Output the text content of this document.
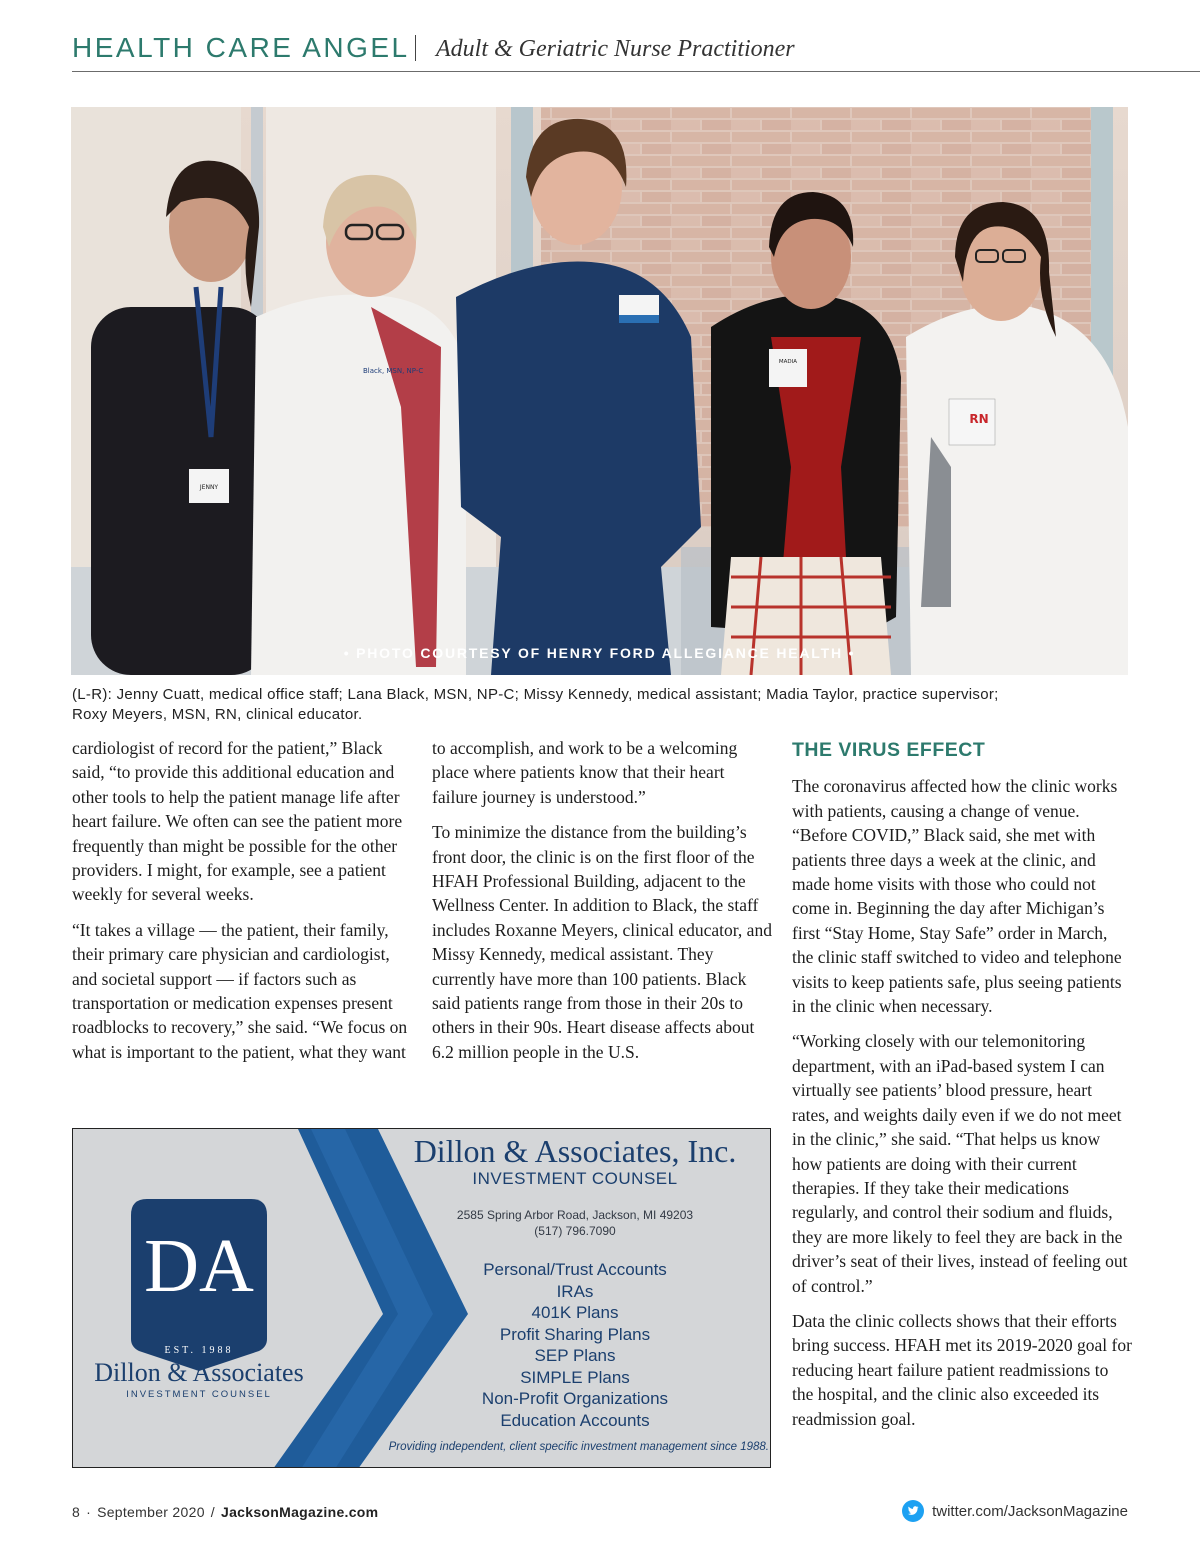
HEALTH CARE ANGEL Adult & Geriatric Nurse Practitioner
JENNY
Black, MSN, NP-C
MADIA
RN
• PHOTO COURTESY OF HENRY FORD ALLEGIANCE HEALTH •
(L-R): Jenny Cuatt, medical office staff; Lana Black, MSN, NP-C; Missy Kennedy, medical assistant; Madia Taylor, practice supervisor; Roxy Meyers, MSN, RN, clinical educator.

cardiologist of record for the patient,” Black said, “to provide this additional education and other tools to help the patient manage life after heart failure. We often can see the patient more frequently than might be possible for the other providers. I might, for example, see a patient weekly for several weeks.

“It takes a village — the patient, their family, their primary care physician and cardiologist, and societal support — if factors such as transportation or medication expenses present roadblocks to recovery,” she said. “We focus on what is important to the patient, what they want

to accomplish, and work to be a welcoming place where patients know that their heart failure journey is understood.”

To minimize the distance from the building’s front door, the clinic is on the first floor of the HFAH Professional Building, adjacent to the Wellness Center. In addition to Black, the staff includes Roxanne Meyers, clinical educator, and Missy Kennedy, medical assistant. They currently have more than 100 patients. Black said patients range from those in their 20s to others in their 90s. Heart disease affects about 6.2 million people in the U.S.

THE VIRUS EFFECT

The coronavirus affected how the clinic works with patients, causing a change of venue. “Before COVID,” Black said, she met with patients three days a week at the clinic, and made home visits with those who could not come in. Beginning the day after Michigan’s first “Stay Home, Stay Safe” order in March, the clinic staff switched to video and telephone visits to keep patients safe, plus seeing patients in the clinic when necessary.

“Working closely with our telemonitoring department, with an iPad-based system I can virtually see patients’ blood pressure, heart rates, and weights daily even if we do not meet in the clinic,” she said. “That helps us know how patients are doing with their current therapies. If they take their medications regularly, and control their sodium and fluids, they are more likely to feel they are back in the driver’s seat of their lives, instead of feeling out of control.”

Data the clinic collects shows that their efforts bring success. HFAH met its 2019-2020 goal for reducing heart failure patient readmissions to the hospital, and the clinic also exceeded its readmission goal.

DA
EST. 1988
Dillon & Associates
INVESTMENT COUNSEL
Dillon & Associates, Inc.
INVESTMENT COUNSEL
2585 Spring Arbor Road, Jackson, MI 49203
(517) 796.7090
Personal/Trust Accounts
IRAs
401K Plans
Profit Sharing Plans
SEP Plans
SIMPLE Plans
Non-Profit Organizations
Education Accounts
Providing independent, client specific investment management since 1988.
8 · September 2020 / JacksonMagazine.com	twitter.com/JacksonMagazine
